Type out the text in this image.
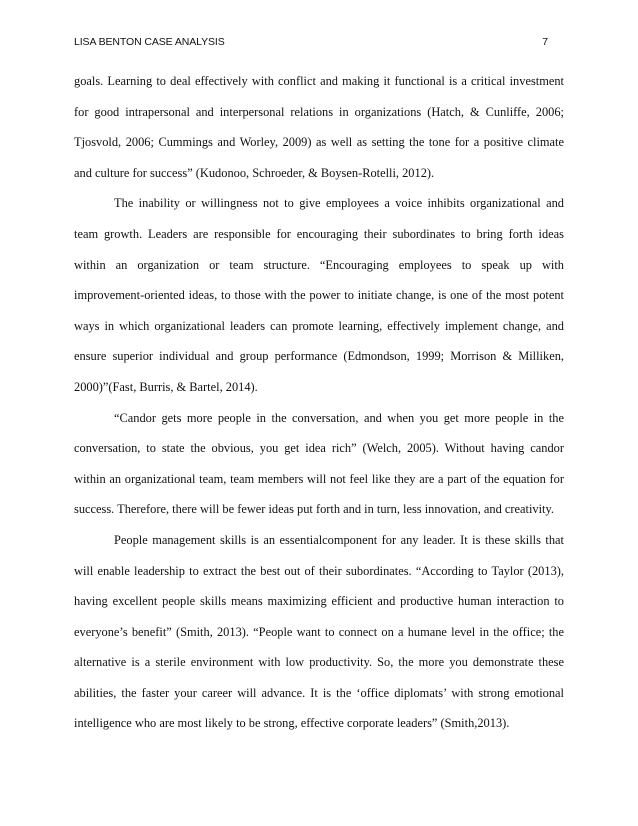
LISA BENTON CASE ANALYSIS	7
goals. Learning to deal effectively with conflict and making it functional is a critical investment
for good intrapersonal and interpersonal relations in organizations (Hatch, & Cunliffe, 2006;
Tjosvold, 2006; Cummings and Worley, 2009) as well as setting the tone for a positive climate
and culture for success” (Kudonoo, Schroeder, & Boysen-Rotelli, 2012).
The inability or willingness not to give employees a voice inhibits organizational and
team growth. Leaders are responsible for encouraging their subordinates to bring forth ideas
within an organization or team structure. “Encouraging employees to speak up with
improvement-oriented ideas, to those with the power to initiate change, is one of the most potent
ways in which organizational leaders can promote learning, effectively implement change, and
ensure superior individual and group performance (Edmondson, 1999; Morrison & Milliken,
2000)”(Fast, Burris, & Bartel, 2014).
“Candor gets more people in the conversation, and when you get more people in the
conversation, to state the obvious, you get idea rich” (Welch, 2005). Without having candor
within an organizational team, team members will not feel like they are a part of the equation for
success. Therefore, there will be fewer ideas put forth and in turn, less innovation, and creativity.
People management skills is an essentialcomponent for any leader. It is these skills that
will enable leadership to extract the best out of their subordinates. “According to Taylor (2013),
having excellent people skills means maximizing efficient and productive human interaction to
everyone’s benefit” (Smith, 2013). “People want to connect on a humane level in the office; the
alternative is a sterile environment with low productivity. So, the more you demonstrate these
abilities, the faster your career will advance. It is the ‘office diplomats’ with strong emotional
intelligence who are most likely to be strong, effective corporate leaders” (Smith,2013).
